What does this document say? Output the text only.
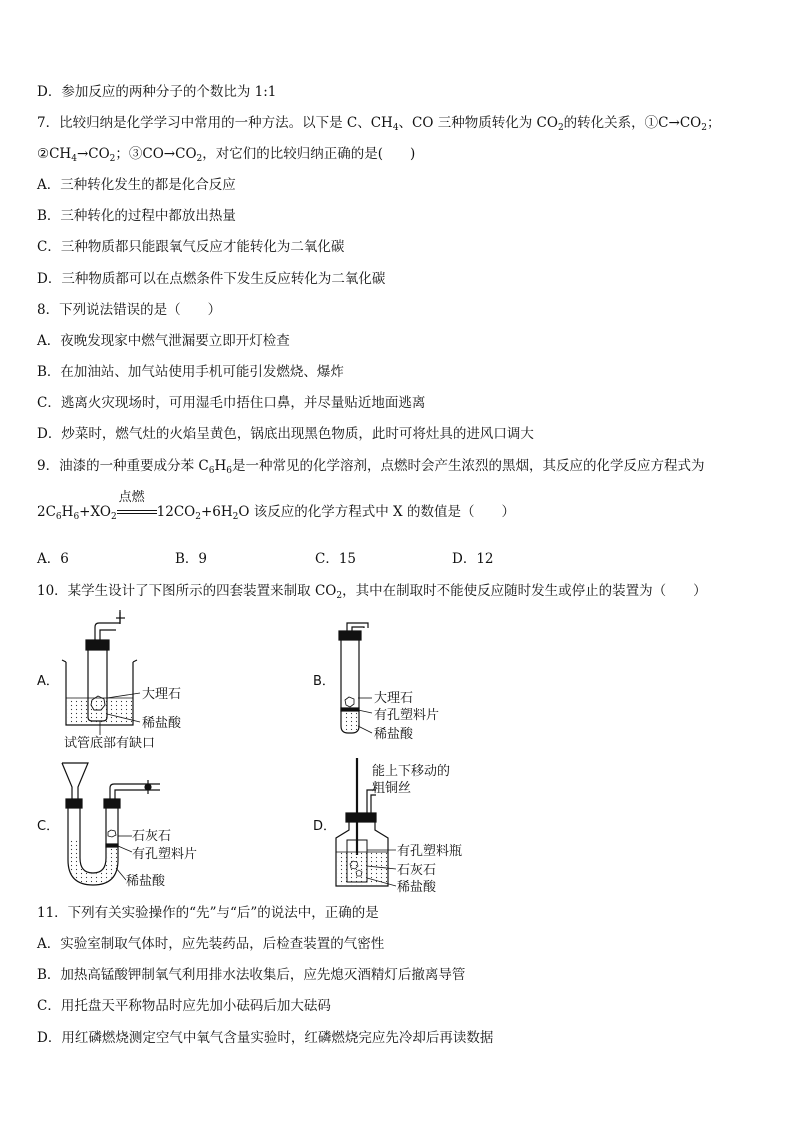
D．参加反应的两种分子的个数比为 1:1
7．比较归纳是化学学习中常用的一种方法。以下是 C、$CH_4$、CO 三种物质转化为 $CO_2$的转化关系，$①C\to CO_2$；
$②CH_4\to CO_2$；$③CO\to CO_2$，对它们的比较归纳正确的是(　　)
A．三种转化发生的都是化合反应
B．三种转化的过程中都放出热量
C．三种物质都只能跟氧气反应才能转化为二氧化碳
D．三种物质都可以在点燃条件下发生反应转化为二氧化碳
8．下列说法错误的是（　　）
A．夜晚发现家中燃气泄漏要立即开灯检查
B．在加油站、加气站使用手机可能引发燃烧、爆炸
C．逃离火灾现场时，可用湿毛巾捂住口鼻，并尽量贴近地面逃离
D．炒菜时，燃气灶的火焰呈黄色，锅底出现黑色物质，此时可将灶具的进风口调大
9．油漆的一种重要成分苯 $C_6H_6$是一种常见的化学溶剂，点燃时会产生浓烈的黑烟，其反应的化学反应方程式为
$2C_6H_6+XO_2$
点燃
$12CO_2+6H_2O$ 该反应的化学方程式中 X 的数值是（　　）
A．6	B．9	C．15	D．12
10．某学生设计了下图所示的四套装置来制取 $CO_2$，其中在制取时不能使反应随时发生或停止的装置为（　　）
A．
大理石
稀盐酸
试管底部有缺口
B．
大理石
有孔塑料片
稀盐酸
C．
石灰石
有孔塑料片
稀盐酸
D．
能上下移动的
粗铜丝
有孔塑料瓶
石灰石
稀盐酸
11．下列有关实验操作的“先”与“后”的说法中，正确的是
A．实验室制取气体时，应先装药品，后检查装置的气密性
B．加热高锰酸钾制氧气利用排水法收集后，应先熄灭酒精灯后撤离导管
C．用托盘天平称物品时应先加小砝码后加大砝码
D．用红磷燃烧测定空气中氧气含量实验时，红磷燃烧完应先冷却后再读数据
